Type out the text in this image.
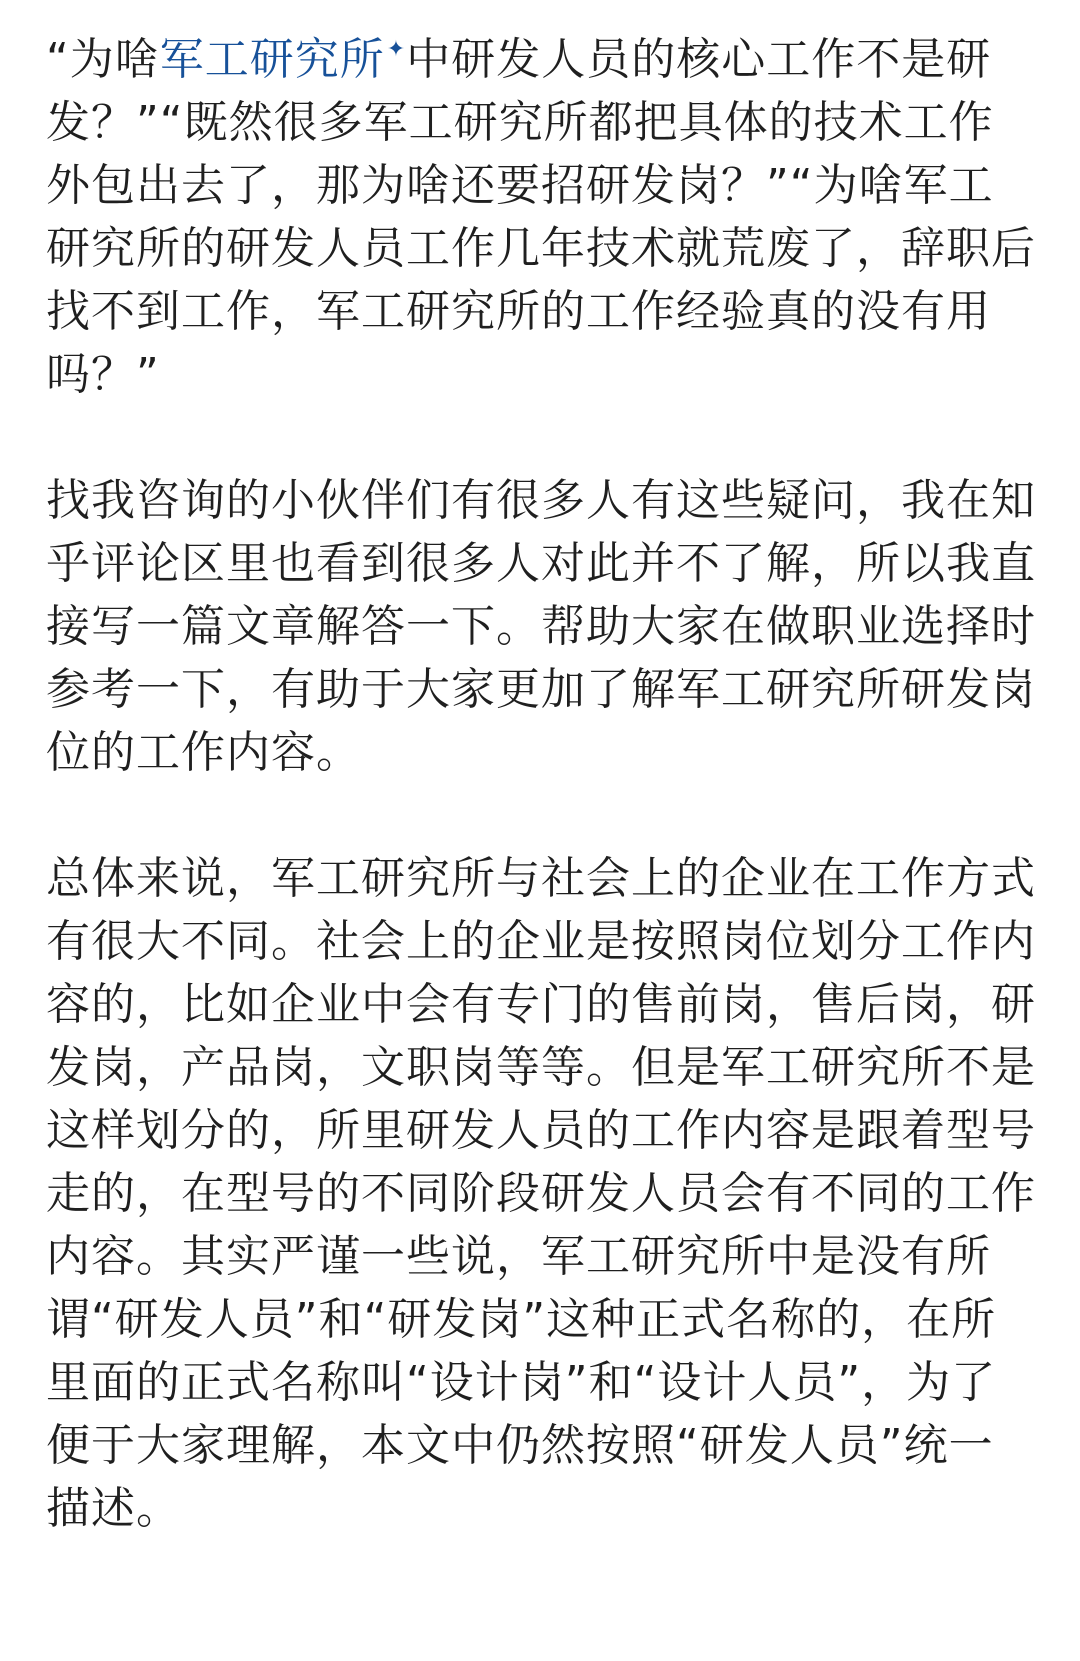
“为啥军工研究所✦中研发人员的核心工作不是研发？”“既然很多军工研究所都把具体的技术工作外包出去了，那为啥还要招研发岗？”“为啥军工研究所的研发人员工作几年技术就荒废了，辞职后找不到工作，军工研究所的工作经验真的没有用吗？”

找我咨询的小伙伴们有很多人有这些疑问，我在知乎评论区里也看到很多人对此并不了解，所以我直接写一篇文章解答一下。帮助大家在做职业选择时参考一下，有助于大家更加了解军工研究所研发岗位的工作内容。

总体来说，军工研究所与社会上的企业在工作方式有很大不同。社会上的企业是按照岗位划分工作内容的，比如企业中会有专门的售前岗，售后岗，研发岗，产品岗，文职岗等等。但是军工研究所不是这样划分的，所里研发人员的工作内容是跟着型号走的，在型号的不同阶段研发人员会有不同的工作内容。其实严谨一些说，军工研究所中是没有所谓“研发人员”和“研发岗”这种正式名称的，在所里面的正式名称叫“设计岗”和“设计人员”，为了便于大家理解，本文中仍然按照“研发人员”统一描述。
